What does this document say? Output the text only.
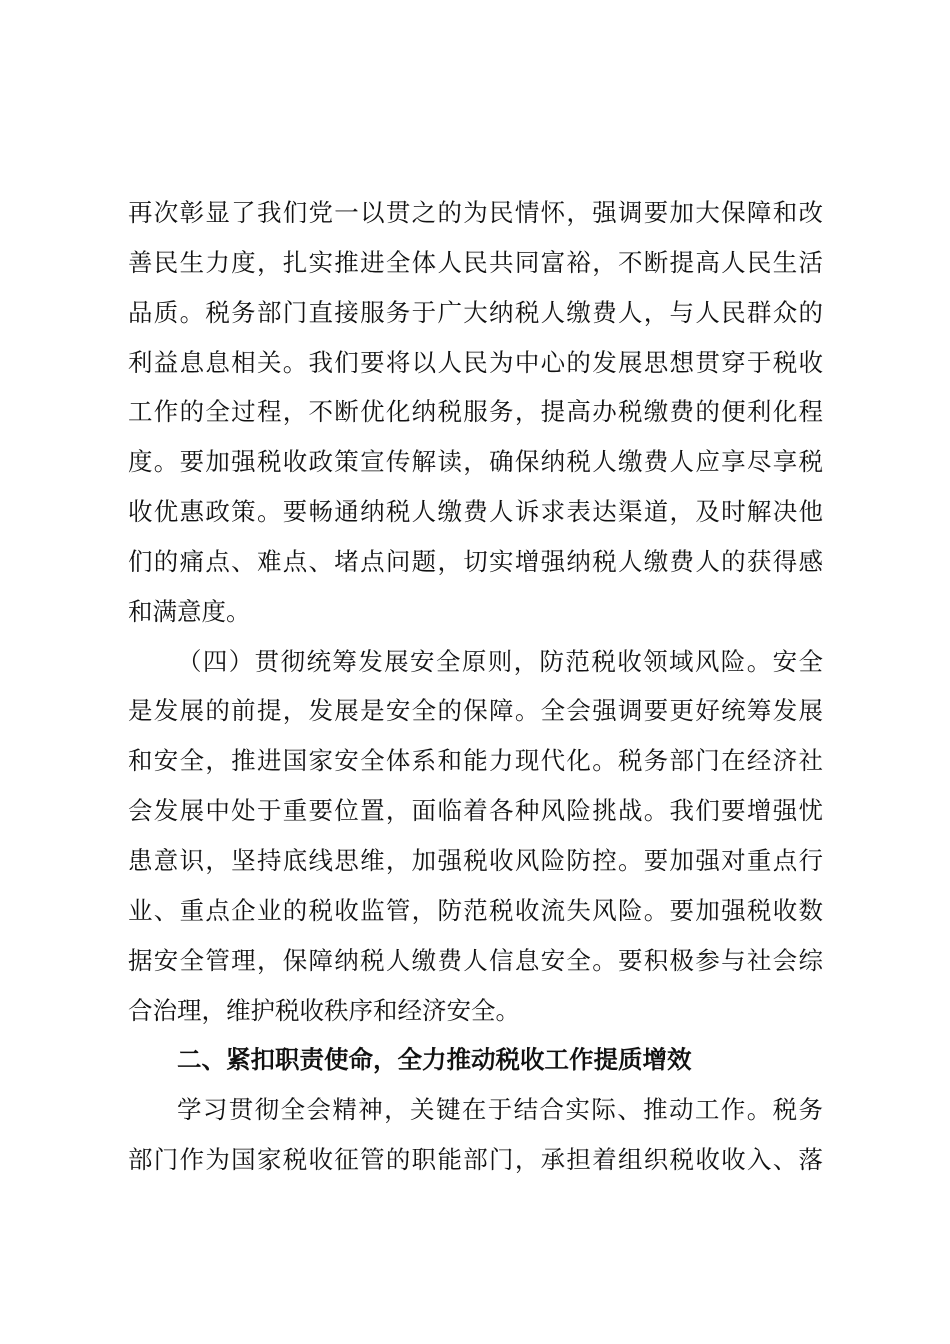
再次彰显了我们党一以贯之的为民情怀，强调要加大保障和改
善民生力度，扎实推进全体人民共同富裕，不断提高人民生活
品质。税务部门直接服务于广大纳税人缴费人，与人民群众的
利益息息相关。我们要将以人民为中心的发展思想贯穿于税收
工作的全过程，不断优化纳税服务，提高办税缴费的便利化程
度。要加强税收政策宣传解读，确保纳税人缴费人应享尽享税
收优惠政策。要畅通纳税人缴费人诉求表达渠道，及时解决他
们的痛点、难点、堵点问题，切实增强纳税人缴费人的获得感
和满意度。
（四）贯彻统筹发展安全原则，防范税收领域风险。安全
是发展的前提，发展是安全的保障。全会强调要更好统筹发展
和安全，推进国家安全体系和能力现代化。税务部门在经济社
会发展中处于重要位置，面临着各种风险挑战。我们要增强忧
患意识，坚持底线思维，加强税收风险防控。要加强对重点行
业、重点企业的税收监管，防范税收流失风险。要加强税收数
据安全管理，保障纳税人缴费人信息安全。要积极参与社会综
合治理，维护税收秩序和经济安全。
二、紧扣职责使命，全力推动税收工作提质增效
学习贯彻全会精神，关键在于结合实际、推动工作。税务
部门作为国家税收征管的职能部门，承担着组织税收收入、落
